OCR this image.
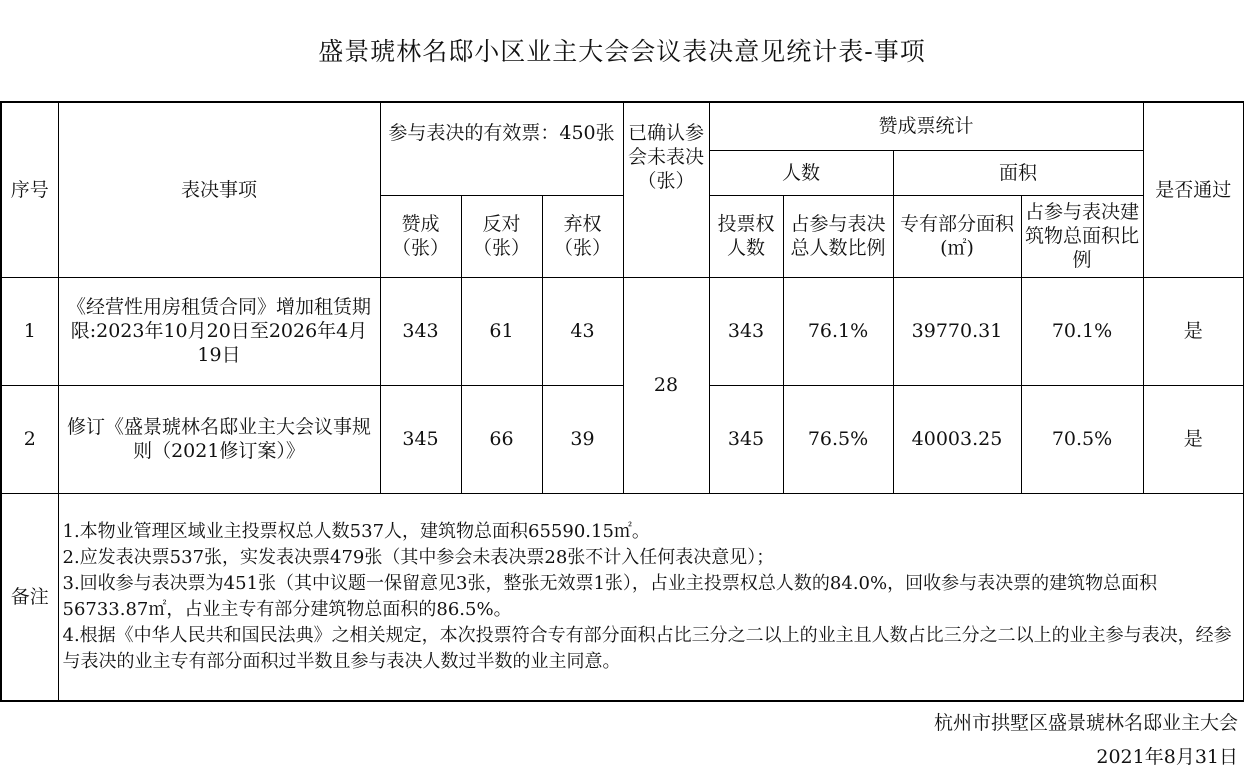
盛景琥林名邸小区业主大会会议表决意见统计表-事项
序号	表决事项	参与表决的有效票：450张			已确认参会未表决（张）	赞成票统计				是否通过
						人数		面积		
		赞成（张）	反对（张）	弃权（张）		投票权人数	占参与表决总人数比例	专有部分面积(㎡)	占参与表决建筑物总面积比例	
1	《经营性用房租赁合同》增加租赁期限:2023年10月20日至2026年4月19日	343	61	43	28	343	76.1%	39770.31	70.1%	是
2	修订《盛景琥林名邸业主大会议事规则（2021修订案）》	345	66	39		345	76.5%	40003.25	70.5%	是
备注	1.本物业管理区域业主投票权总人数537人，建筑物总面积65590.15㎡。
2.应发表决票537张，实发表决票479张（其中参会未表决票28张不计入任何表决意见）；
3.回收参与表决票为451张（其中议题一保留意见3张，整张无效票1张），占业主投票权总人数的84.0%，回收参与表决票的建筑物总面积56733.87㎡，占业主专有部分建筑物总面积的86.5%。
4.根据《中华人民共和国民法典》之相关规定，本次投票符合专有部分面积占比三分之二以上的业主且人数占比三分之二以上的业主参与表决，经参与表决的业主专有部分面积过半数且参与表决人数过半数的业主同意。									
杭州市拱墅区盛景琥林名邸业主大会
2021年8月31日
